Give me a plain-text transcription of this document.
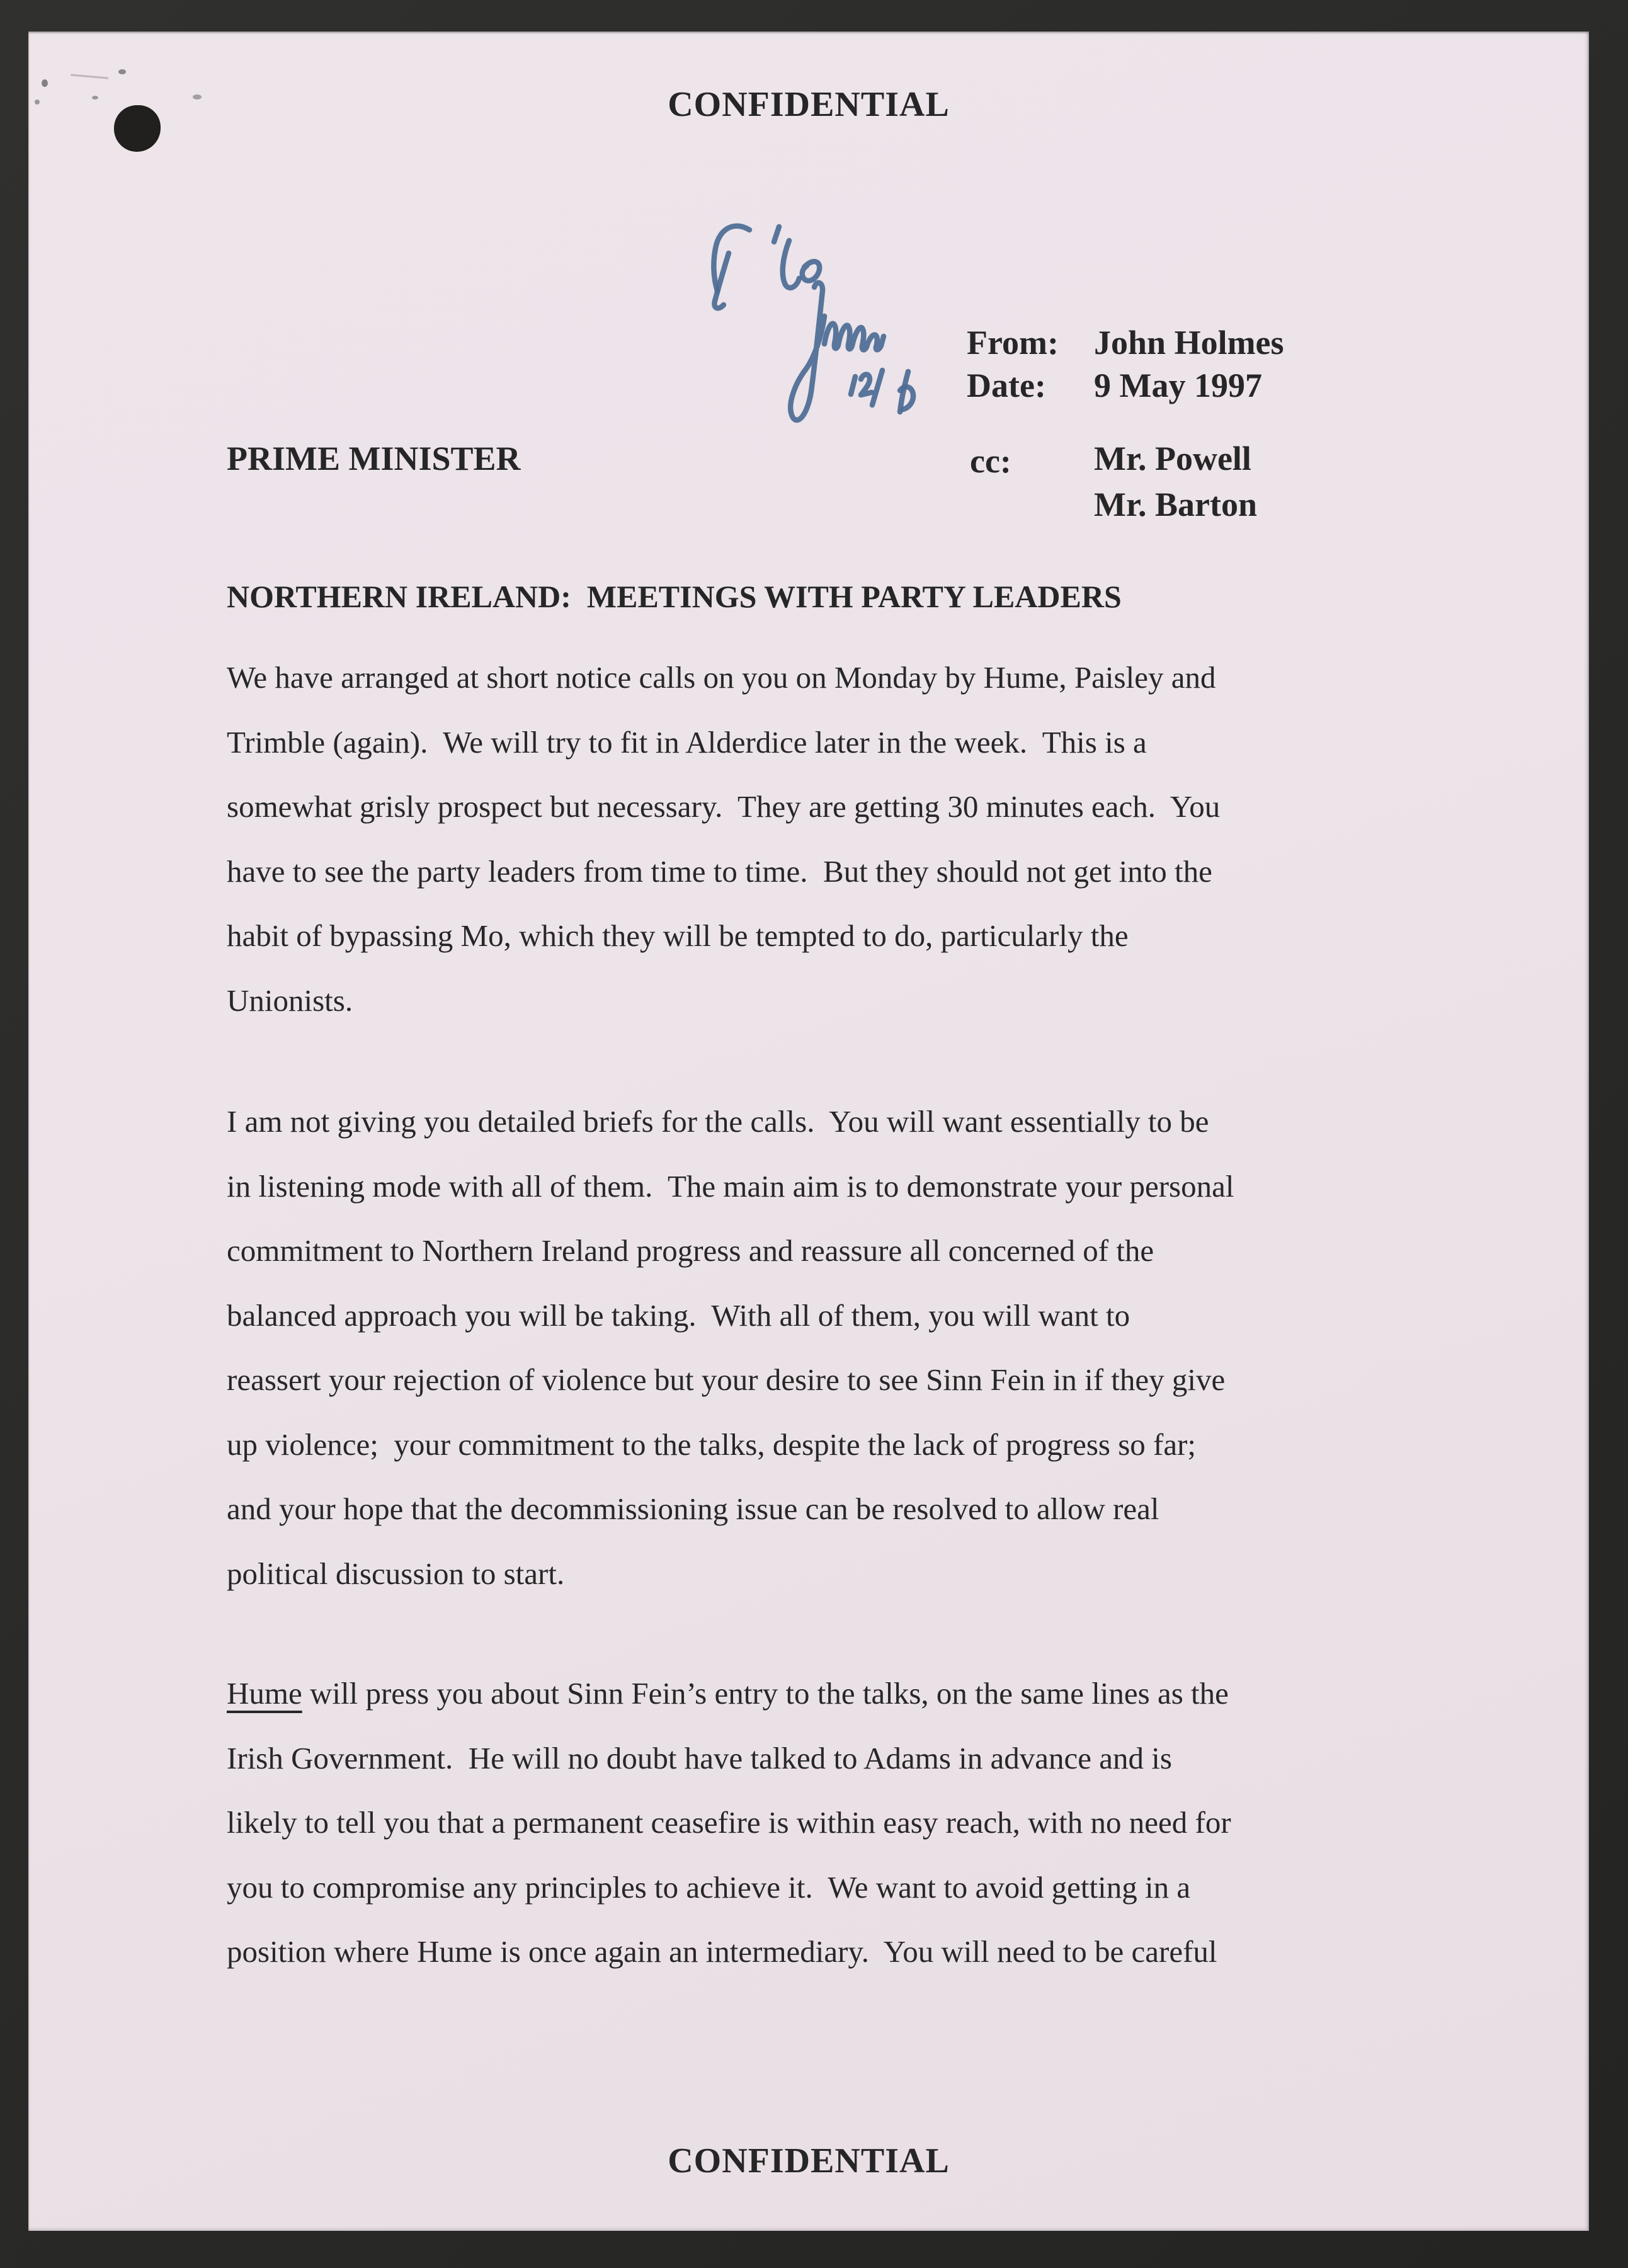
CONFIDENTIAL
From: John Holmes
Date: 9 May 1997
PRIME MINISTER	cc: Mr. Powell
Mr. Barton
NORTHERN IRELAND:  MEETINGS WITH PARTY LEADERS
We have arranged at short notice calls on you on Monday by Hume, Paisley and
Trimble (again).  We will try to fit in Alderdice later in the week.  This is a
somewhat grisly prospect but necessary.  They are getting 30 minutes each.  You
have to see the party leaders from time to time.  But they should not get into the
habit of bypassing Mo, which they will be tempted to do, particularly the
Unionists.
I am not giving you detailed briefs for the calls.  You will want essentially to be
in listening mode with all of them.  The main aim is to demonstrate your personal
commitment to Northern Ireland progress and reassure all concerned of the
balanced approach you will be taking.  With all of them, you will want to
reassert your rejection of violence but your desire to see Sinn Fein in if they give
up violence;  your commitment to the talks, despite the lack of progress so far;
and your hope that the decommissioning issue can be resolved to allow real
political discussion to start.
Hume will press you about Sinn Fein’s entry to the talks, on the same lines as the
Irish Government.  He will no doubt have talked to Adams in advance and is
likely to tell you that a permanent ceasefire is within easy reach, with no need for
you to compromise any principles to achieve it.  We want to avoid getting in a
position where Hume is once again an intermediary.  You will need to be careful
CONFIDENTIAL
